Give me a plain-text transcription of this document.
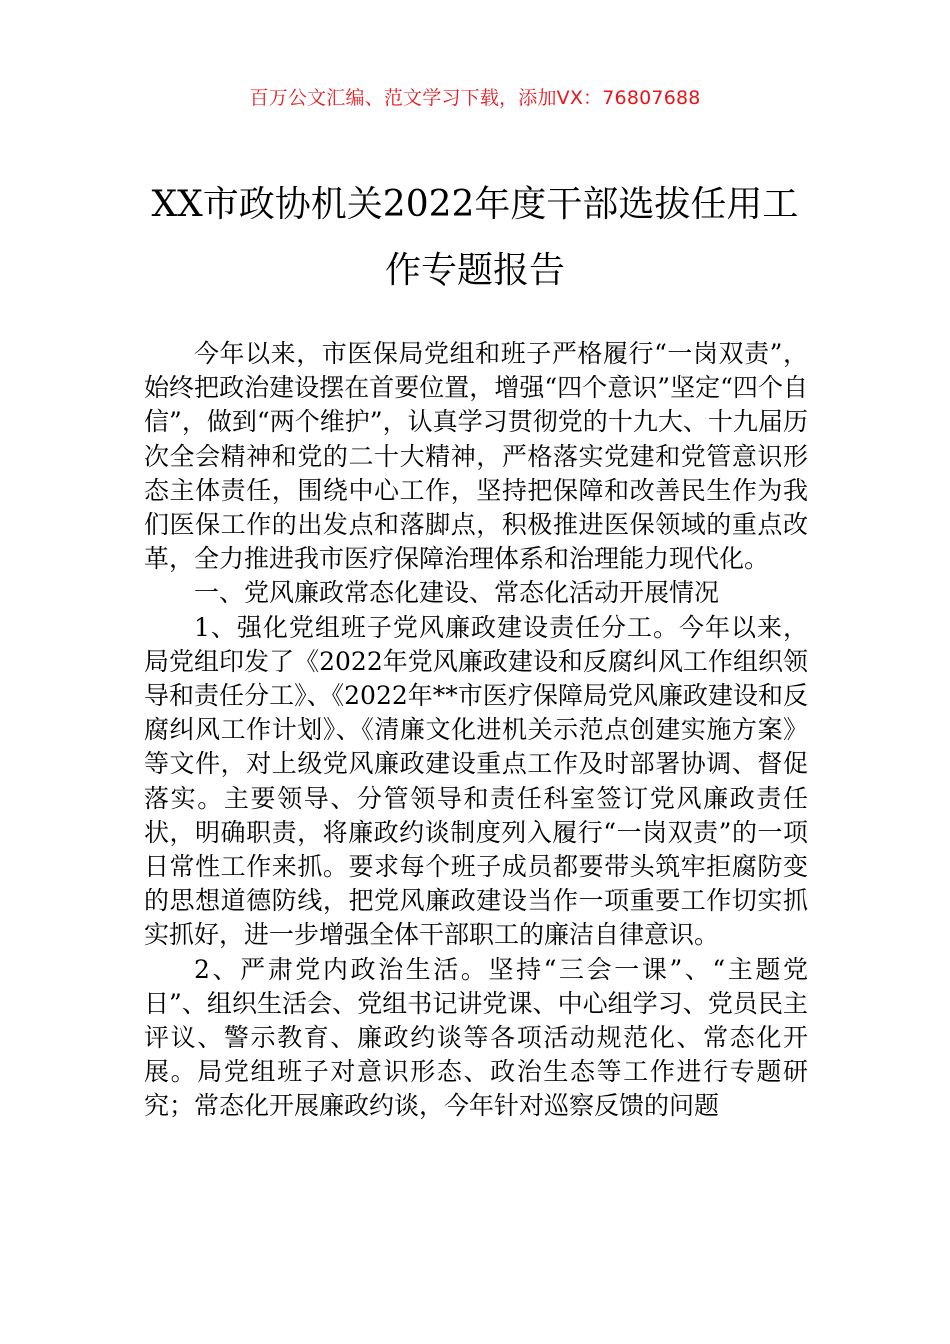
百万公文汇编、范文学习下载，添加VX：76807688
XX市政协机关2022年度干部选拔任用工
作专题报告

今年以来，市医保局党组和班子严格履行“一岗双责”，始终把政治建设摆在首要位置，增强“四个意识”坚定“四个自信”，做到“两个维护”，认真学习贯彻党的十九大、十九届历次全会精神和党的二十大精神，严格落实党建和党管意识形态主体责任，围绕中心工作，坚持把保障和改善民生作为我们医保工作的出发点和落脚点，积极推进医保领域的重点改革，全力推进我市医疗保障治理体系和治理能力现代化。

一、党风廉政常态化建设、常态化活动开展情况

1、强化党组班子党风廉政建设责任分工。今年以来，局党组印发了《2022年党风廉政建设和反腐纠风工作组织领导和责任分工》、《2022年**市医疗保障局党风廉政建设和反腐纠风工作计划》、《清廉文化进机关示范点创建实施方案》等文件，对上级党风廉政建设重点工作及时部署协调、督促落实。主要领导、分管领导和责任科室签订党风廉政责任状，明确职责，将廉政约谈制度列入履行“一岗双责”的一项日常性工作来抓。要求每个班子成员都要带头筑牢拒腐防变的思想道德防线，把党风廉政建设当作一项重要工作切实抓实抓好，进一步增强全体干部职工的廉洁自律意识。

2、严肃党内政治生活。坚持“三会一课”、“主题党日”、组织生活会、党组书记讲党课、中心组学习、党员民主评议、警示教育、廉政约谈等各项活动规范化、常态化开展。局党组班子对意识形态、政治生态等工作进行专题研究；常态化开展廉政约谈，今年针对巡察反馈的问题
